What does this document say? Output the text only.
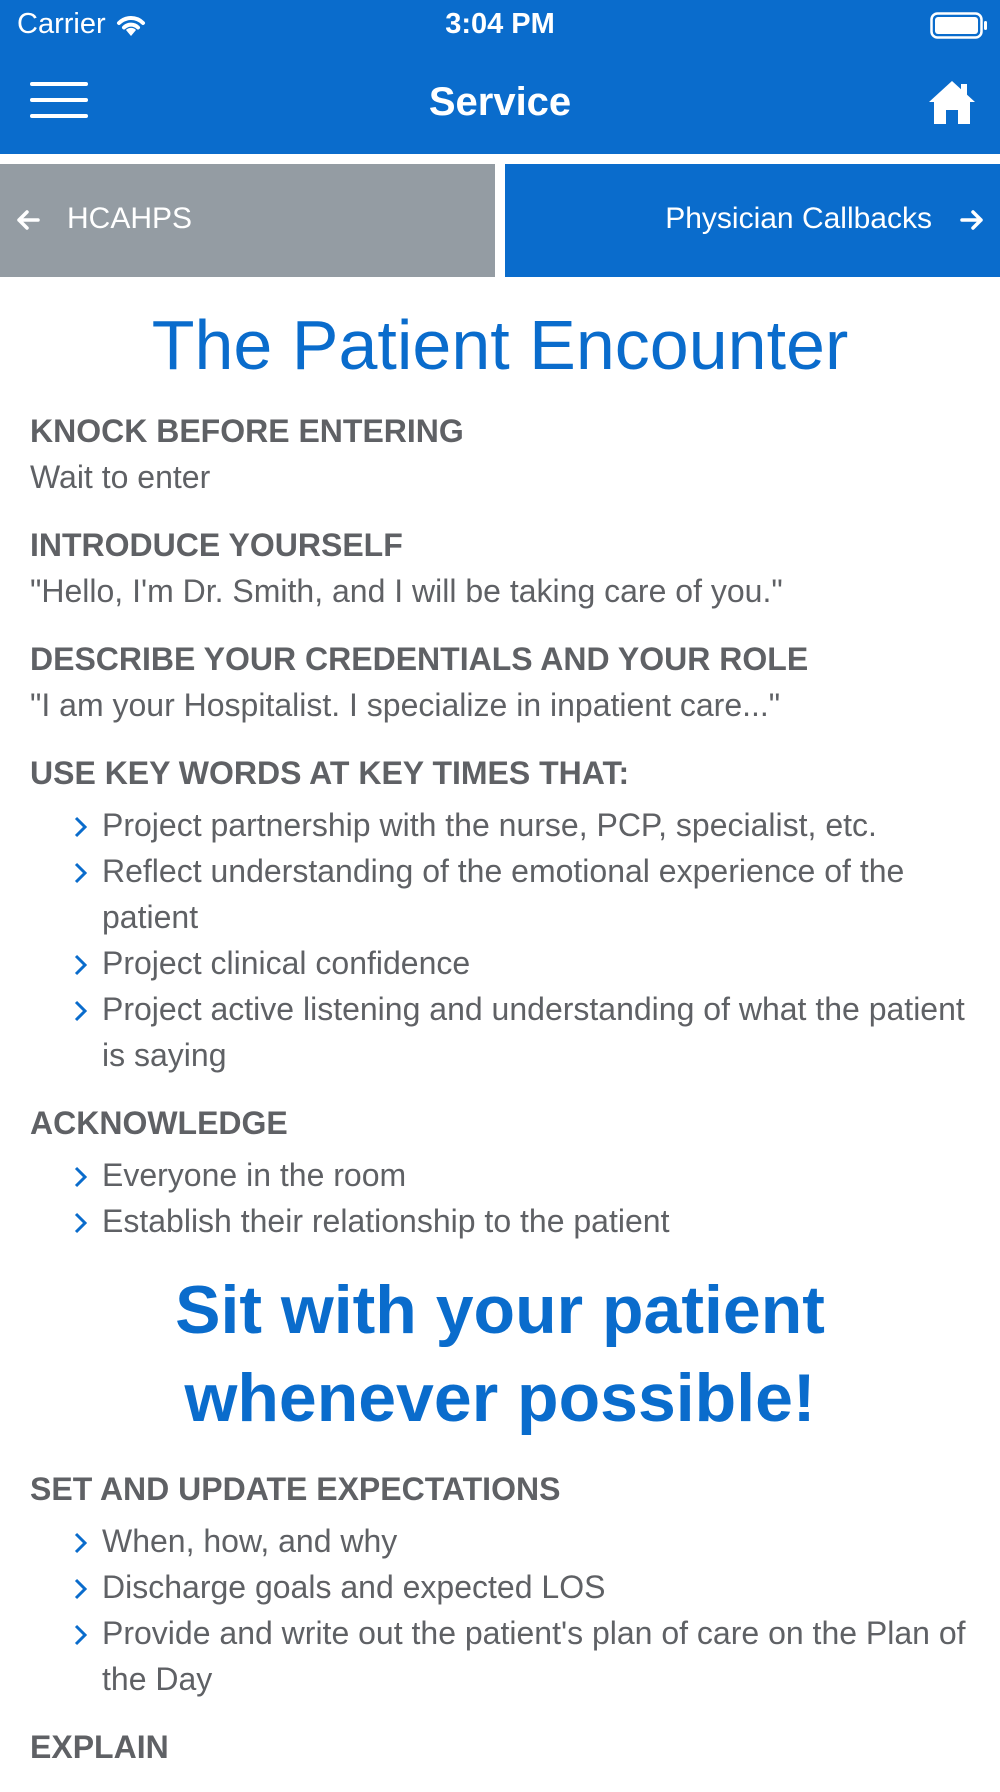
Carrier	3:04 PM
Service
HCAHPS	Physician Callbacks
The Patient Encounter
KNOCK BEFORE ENTERING
Wait to enter
INTRODUCE YOURSELF
"Hello, I'm Dr. Smith, and I will be taking care of you."
DESCRIBE YOUR CREDENTIALS AND YOUR ROLE
"I am your Hospitalist. I specialize in inpatient care..."
USE KEY WORDS AT KEY TIMES THAT:
Project partnership with the nurse, PCP, specialist, etc.
Reflect understanding of the emotional experience of the patient
Project clinical confidence
Project active listening and understanding of what the patient is saying
ACKNOWLEDGE
Everyone in the room
Establish their relationship to the patient
Sit with your patient whenever possible!
SET AND UPDATE EXPECTATIONS
When, how, and why
Discharge goals and expected LOS
Provide and write out the patient's plan of care on the Plan of the Day
EXPLAIN
